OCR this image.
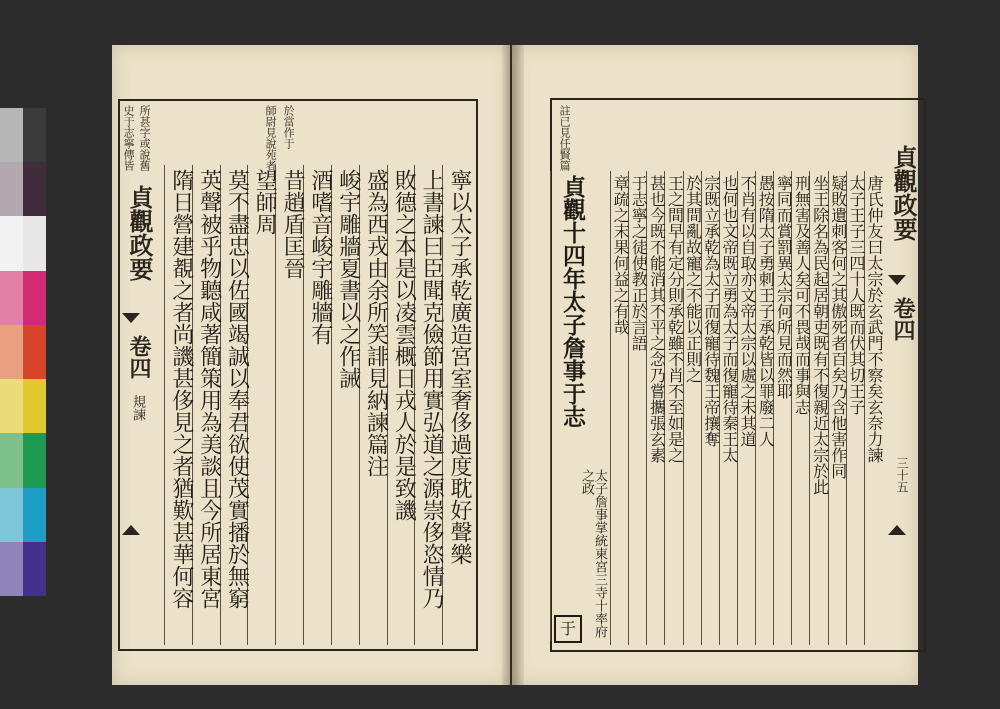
於當作于
師尉見說苑者
所甚字或說舊
史于志寧傳皆	註已見任賢篇
貞觀政要
卷四
規諫
貞觀政要
卷四
三十五
寧以太子承乾廣造宮室奢侈過度耽好聲樂
上書諫曰臣聞克儉節用實弘道之源崇侈恣情乃
敗德之本是以凌雲概日戎人於是致譏
盛為西戎由余所笑誹見納諫篇注
峻宇雕牆夏書以之作誡
酒嗜音峻宇雕牆有
昔趙盾匡晉
望師周
莫不盡忠以佐國竭誠以奉君欲使茂實播於無窮
英聲被乎物聽咸著簡策用為美談且今所居東宮
隋日營建覩之者尚譏甚侈見之者猶歎甚華何容	唐氏仲友曰太宗於玄武門不察矣玄奈力諫
太子王子三四十人既而伏其切王子
疑敗遺刺客何之其傲死者百矣乃含他害作同
坐王除名為民起居朝吏既有不復親近太宗於此
刑無害及善人矣可不畏哉而事與志
寧同而賞罰異太宗何所見而然耶
愚按隋太子勇刺王子承乾皆以罪廢二人
不肖有以自取亦文帝太宗以處之未其道
也何也文帝既立勇為太子而復寵待秦王太
宗既立承乾為太子而復寵待魏王帝攘奪
於其間亂故寵之不能以正則之
王之間早有定分則承乾雖不肖不至如是之
甚也今既不能消其不平之念乃嘗攜張玄素
于志寧之徒使教正於言語
章疏之末果何益之有哉
貞觀十四年太子詹事于志
太子詹事掌統東宮三寺十率府之政
于
